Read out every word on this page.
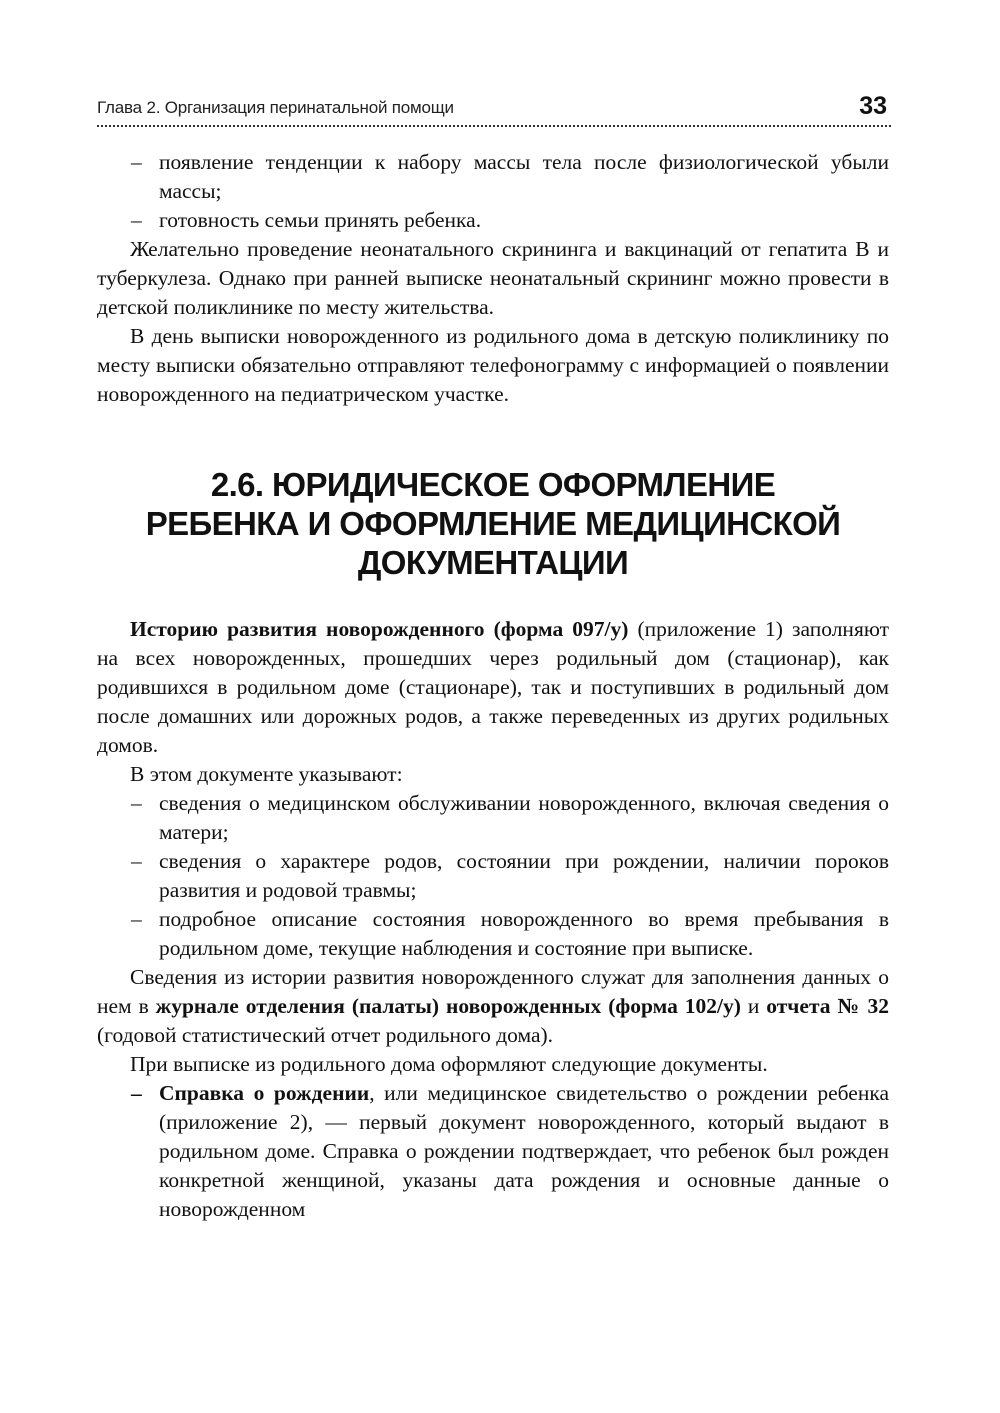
Глава 2. Организация перинатальной помощи	33
– появление тенденции к набору массы тела после физиологической убыли массы;
– готовность семьи принять ребенка.

Желательно проведение неонатального скрининга и вакцинаций от гепатита В и туберкулеза. Однако при ранней выписке неонатальный скрининг можно провести в детской поликлинике по месту жительства.

В день выписки новорожденного из родильного дома в детскую поликлинику по месту выписки обязательно отправляют телефонограмму с информацией о появлении новорожденного на педиатрическом участке.

2.6. ЮРИДИЧЕСКОЕ ОФОРМЛЕНИЕ
РЕБЕНКА И ОФОРМЛЕНИЕ МЕДИЦИНСКОЙ
ДОКУМЕНТАЦИИ

Историю развития новорожденного (форма 097/у) (приложение 1) заполняют на всех новорожденных, прошедших через родильный дом (стационар), как родившихся в родильном доме (стационаре), так и поступивших в родильный дом после домашних или дорожных родов, а также переведенных из других родильных домов.

В этом документе указывают:

– сведения о медицинском обслуживании новорожденного, включая сведения о матери;
– сведения о характере родов, состоянии при рождении, наличии пороков развития и родовой травмы;
– подробное описание состояния новорожденного во время пребывания в родильном доме, текущие наблюдения и состояние при выписке.

Сведения из истории развития новорожденного служат для заполнения данных о нем в журнале отделения (палаты) новорожденных (форма 102/у) и отчета № 32 (годовой статистический отчет родильного дома).

При выписке из родильного дома оформляют следующие документы.

– Справка о рождении, или медицинское свидетельство о рождении ребенка (приложение 2), — первый документ новорожденного, который выдают в родильном доме. Справка о рождении подтверждает, что ребенок был рожден конкретной женщиной, указаны дата рождения и основные данные о новорожденном
